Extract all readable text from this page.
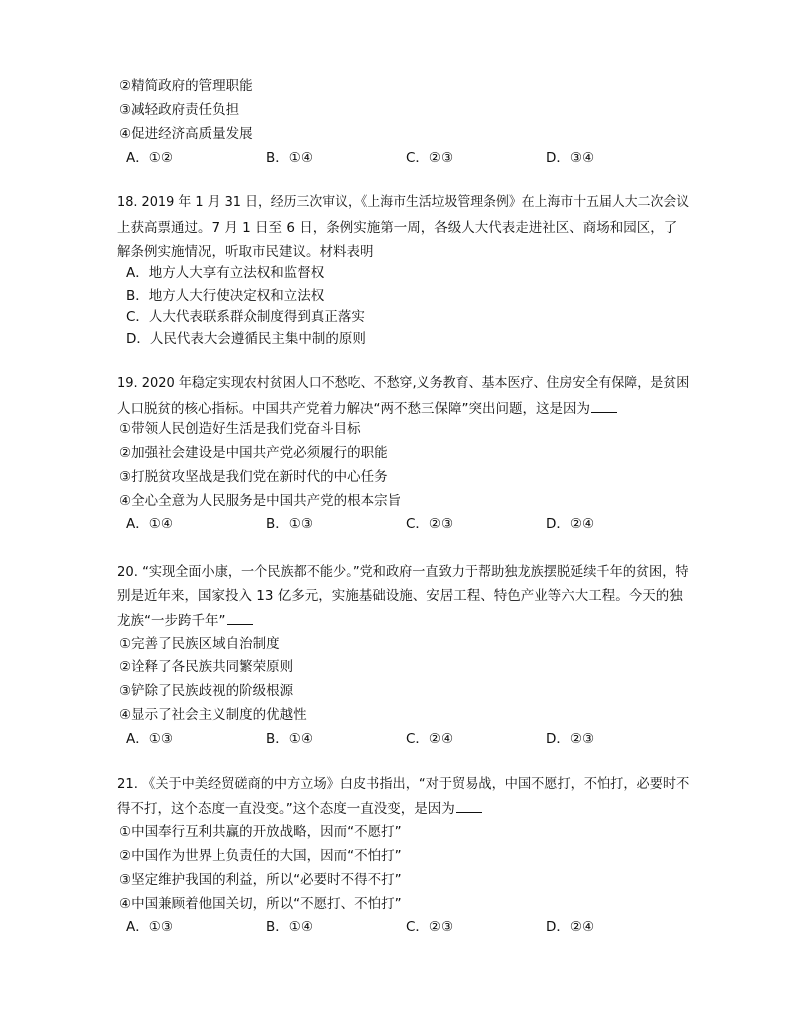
②精简政府的管理职能
③减轻政府责任负担
④促进经济高质量发展
A．①②	B．①④	C．②③	D．③④
18. 2019 年 1 月 31 日，经历三次审议，《上海市生活垃圾管理条例》在上海市十五届人大二次会议
上获高票通过。7 月 1 日至 6 日，条例实施第一周，各级人大代表走进社区、商场和园区，了
解条例实施情况，听取市民建议。材料表明
A．地方人大享有立法权和监督权
B．地方人大行使决定权和立法权
C．人大代表联系群众制度得到真正落实
D．人民代表大会遵循民主集中制的原则
19. 2020 年稳定实现农村贫困人口不愁吃、不愁穿,义务教育、基本医疗、住房安全有保障，是贫困
人口脱贫的核心指标。中国共产党着力解决“两不愁三保障”突出问题，这是因为
①带领人民创造好生活是我们党奋斗目标
②加强社会建设是中国共产党必须履行的职能
③打脱贫攻坚战是我们党在新时代的中心任务
④全心全意为人民服务是中国共产党的根本宗旨
A．①④	B．①③	C．②③	D．②④
20. “实现全面小康，一个民族都不能少。”党和政府一直致力于帮助独龙族摆脱延续千年的贫困，特
别是近年来，国家投入 13 亿多元，实施基础设施、安居工程、特色产业等六大工程。今天的独
龙族“一步跨千年”
①完善了民族区域自治制度
②诠释了各民族共同繁荣原则
③铲除了民族歧视的阶级根源
④显示了社会主义制度的优越性
A．①③	B．①④	C．②④	D．②③
21. 《关于中美经贸磋商的中方立场》白皮书指出，“对于贸易战，中国不愿打，不怕打，必要时不
得不打，这个态度一直没变。”这个态度一直没变，是因为
①中国奉行互利共赢的开放战略，因而“不愿打”
②中国作为世界上负责任的大国，因而“不怕打”
③坚定维护我国的利益，所以“必要时不得不打”
④中国兼顾着他国关切，所以“不愿打、不怕打”
A．①③	B．①④	C．②③	D．②④
